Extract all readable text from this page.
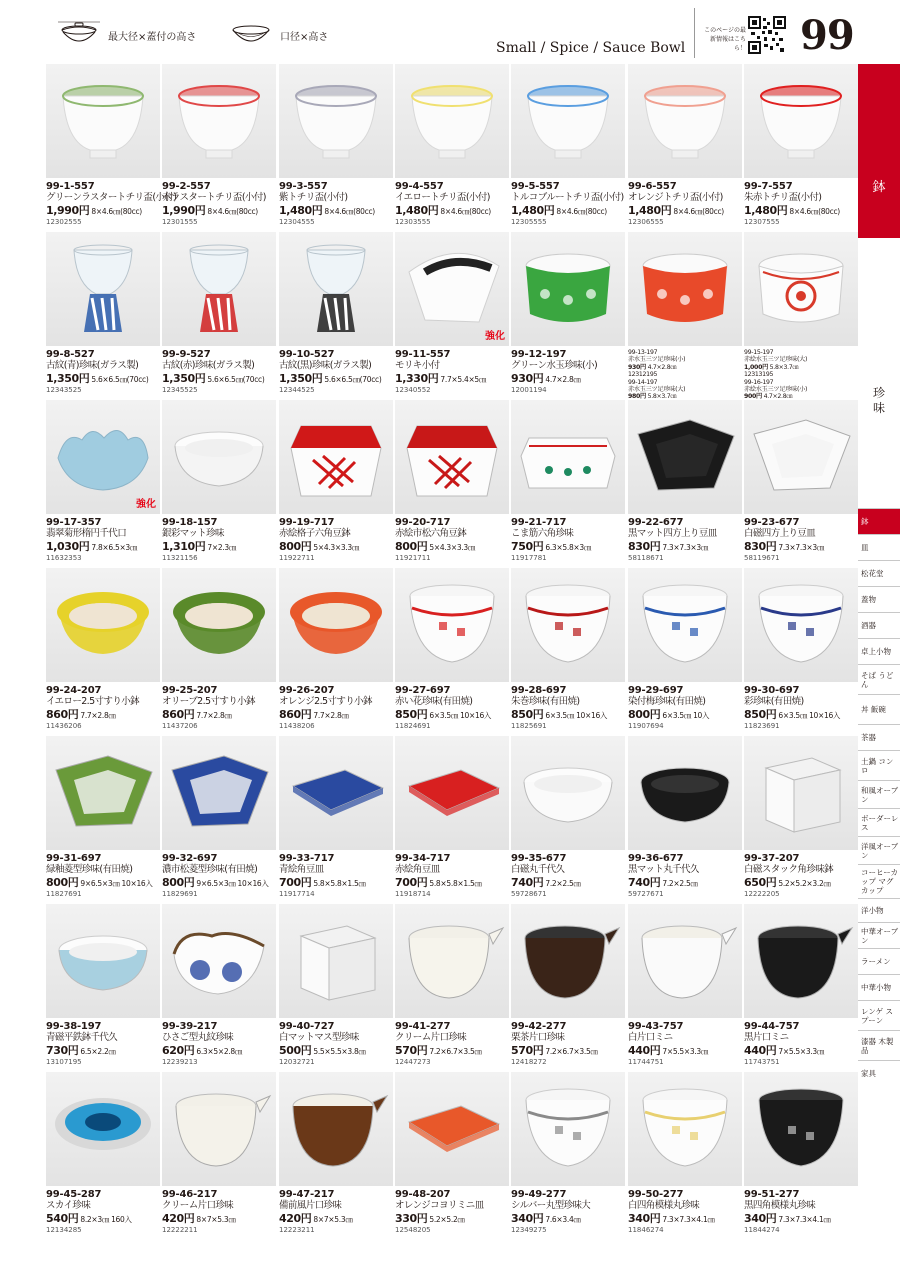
最大径×蓋付の高さ	口径×高さ
Small / Spice / Sauce Bowl
このページの最新情報はこちら！ 99
99-1-557
グリーンラスタートチリ盃(小付)
1,990円 8×4.6㎝(80cc)
12302555
99-2-557
赤ラスタートチリ盃(小付)
1,990円 8×4.6㎝(80cc)
12301555
99-3-557
紫トチリ盃(小付)
1,480円 8×4.6㎝(80cc)
12304555
99-4-557
イエロートチリ盃(小付)
1,480円 8×4.6㎝(80cc)
12303555
99-5-557
トルコブルートチリ盃(小付)
1,480円 8×4.6㎝(80cc)
12305555
99-6-557
オレンジトチリ盃(小付)
1,480円 8×4.6㎝(80cc)
12306555
99-7-557
朱赤トチリ盃(小付)
1,480円 8×4.6㎝(80cc)
12307555
99-8-527
古紋(青)珍味(ガラス製)
1,350円 5.6×6.5㎝(70cc)
12343525
99-9-527
古紋(赤)珍味(ガラス製)
1,350円 5.6×6.5㎝(70cc)
12345525
99-10-527
古紋(黒)珍味(ガラス製)
1,350円 5.6×6.5㎝(70cc)
12344525
強化
99-11-557
モリキ小付
1,330円 7.7×5.4×5㎝
12340552
99-12-197
グリーン水玉珍味(小)
930円 4.7×2.8㎝
12001194
99-13-197
赤水玉三ツ足珍味(小)
930円 4.7×2.8㎝
12312195
99-14-197
赤水玉三ツ足珍味(大)
980円 5.8×3.7㎝
99-15-197
赤絵水玉三ツ足珍味(大)
1,000円 5.8×3.7㎝
12313195
99-16-197
赤絵水玉三ツ足珍味(小)
900円 4.7×2.8㎝
強化
99-17-357
翡翠菊形楕円千代口
1,030円 7.8×6.5×3㎝
11632353
99-18-157
銀彩マット珍味
1,310円 7×2.3㎝
11321156
99-19-717
赤絵格子六角豆鉢
800円 5×4.3×3.3㎝
11922711
99-20-717
赤絵市松六角豆鉢
800円 5×4.3×3.3㎝
11921711
99-21-717
こま筋六角珍味
750円 6.3×5.8×3㎝
11917781
99-22-677
黒マット四方上り豆皿
830円 7.3×7.3×3㎝
58118671
99-23-677
白磁四方上り豆皿
830円 7.3×7.3×3㎝
58119671
99-24-207
イエロー2.5寸すり小鉢
860円 7.7×2.8㎝
11436206
99-25-207
オリーブ2.5寸すり小鉢
860円 7.7×2.8㎝
11437206
99-26-207
オレンジ2.5寸すり小鉢
860円 7.7×2.8㎝
11438206
99-27-697
赤い花珍味(有田焼)
850円 6×3.5㎝ 10×16入
11824691
99-28-697
朱巻珍味(有田焼)
850円 6×3.5㎝ 10×16入
11825691
99-29-697
染付梅珍味(有田焼)
800円 6×3.5㎝ 10入
11907694
99-30-697
彩珍味(有田焼)
850円 6×3.5㎝ 10×16入
11823691
99-31-697
緑釉菱型珍味(有田焼)
800円 9×6.5×3㎝ 10×16入
11827691
99-32-697
濃市松菱型珍味(有田焼)
800円 9×6.5×3㎝ 10×16入
11829691
99-33-717
青絵角豆皿
700円 5.8×5.8×1.5㎝
11917714
99-34-717
赤絵角豆皿
700円 5.8×5.8×1.5㎝
11918714
99-35-677
白磁丸千代久
740円 7.2×2.5㎝
59728671
99-36-677
黒マット丸千代久
740円 7.2×2.5㎝
59727671
99-37-207
白磁スタック角珍味鉢
650円 5.2×5.2×3.2㎝
12222205
99-38-197
青磁平鉄鉢千代久
730円 6.5×2.2㎝
13107195
99-39-217
ひさご型丸紋珍味
620円 6.3×5×2.8㎝
12239213
99-40-727
白マットマス型珍味
500円 5.5×5.5×3.8㎝
12032721
99-41-277
クリーム片口珍味
570円 7.2×6.7×3.5㎝
12447273
99-42-277
栗茶片口珍味
570円 7.2×6.7×3.5㎝
12418272
99-43-757
白片口ミニ
440円 7×5.5×3.3㎝
11744751
99-44-757
黒片口ミニ
440円 7×5.5×3.3㎝
11743751
99-45-287
スカイ珍味
540円 8.2×3㎝ 160入
12134285
99-46-217
クリーム片口珍味
420円 8×7×5.3㎝
12222211
99-47-217
備前風片口珍味
420円 8×7×5.3㎝
12223211
99-48-207
オレンジコヨリミニ皿
330円 5.2×5.2㎝
12548205
99-49-277
シルバー丸型珍味大
340円 7.6×3.4㎝
12349275
99-50-277
白四角模様丸珍味
340円 7.3×7.3×4.1㎝
11846274
99-51-277
黒四角模様丸珍味
340円 7.3×7.3×4.1㎝
11844274
鉢
珍
味
鉢
皿
松花堂
蓋物
酒器
卓上小物
そば うどん
丼 飯碗
茶器
土鍋 コンロ
和風オーブン
ボーダーレス
洋風オーブン
コーヒーカップ マグカップ
洋小物
中華オーブン
ラーメン
中華小物
レンゲ スプーン
漆器 木製品
家具
